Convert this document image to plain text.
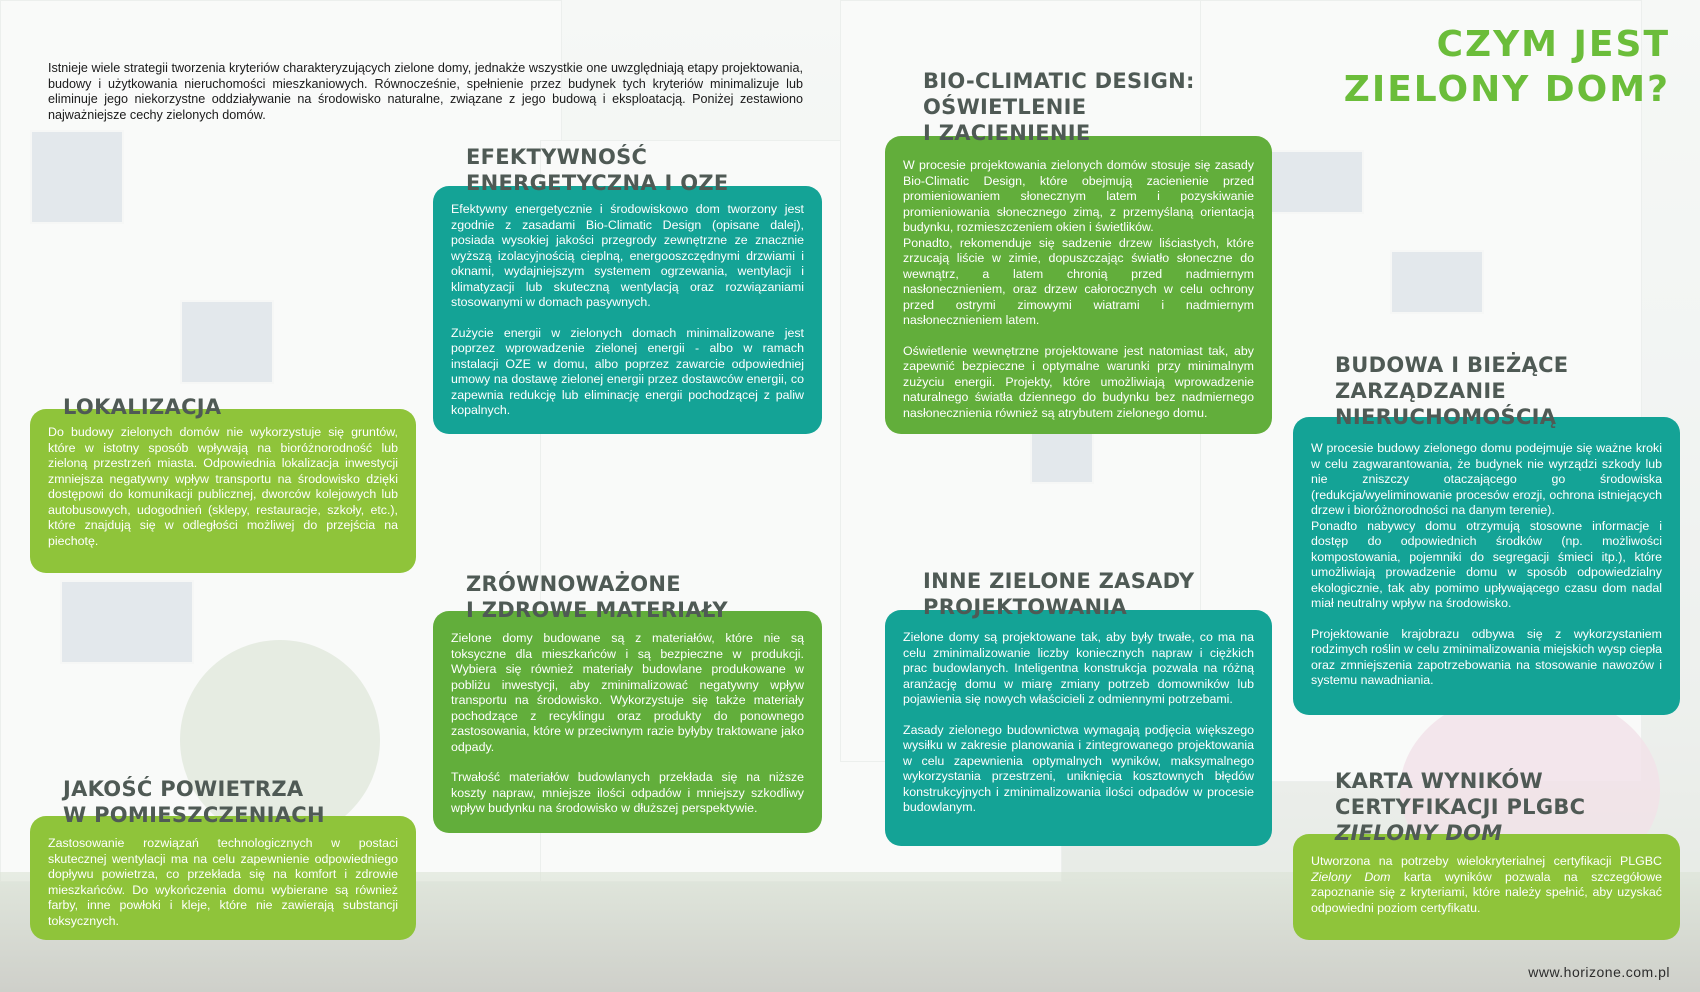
Istnieje wiele strategii tworzenia kryteriów charakteryzujących zielone domy, jednakże wszystkie one uwzględniają etapy projektowania, budowy i użytkowania nieruchomości mieszkaniowych. Równocześnie, spełnienie przez budynek tych kryteriów minimalizuje lub eliminuje jego niekorzystne oddziaływanie na środowisko naturalne, związane z jego budową i eksploatacją. Poniżej zestawiono najważniejsze cechy zielonych domów.

CZYM JEST
ZIELONY DOM?
EFEKTYWNOŚĆ
ENERGETYCZNA I OZE

Efektywny energetycznie i środowiskowo dom tworzony jest zgodnie z zasadami Bio-Climatic Design (opisane dalej), posiada wysokiej jakości przegrody zewnętrzne ze znacznie wyższą izolacyjnością cieplną, energooszczędnymi drzwiami i oknami, wydajniejszym systemem ogrzewania, wentylacji i klimatyzacji lub skuteczną wentylacją oraz rozwiązaniami stosowanymi w domach pasywnych.

Zużycie energii w zielonych domach minimalizowane jest poprzez wprowadzenie zielonej energii - albo w ramach instalacji OZE w domu, albo poprzez zawarcie odpowiedniej umowy na dostawę zielonej energii przez dostawców energii, co zapewnia redukcję lub eliminację energii pochodzącej z paliw kopalnych.

BIO-CLIMATIC DESIGN:
OŚWIETLENIE
I ZACIENIENIE

W procesie projektowania zielonych domów stosuje się zasady Bio-Climatic Design, które obejmują zacienienie przed promieniowaniem słonecznym latem i pozyskiwanie promieniowania słonecznego zimą, z przemyślaną orientacją budynku, rozmieszczeniem okien i świetlików.

Ponadto, rekomenduje się sadzenie drzew liściastych, które zrzucają liście w zimie, dopuszczając światło słoneczne do wewnątrz, a latem chronią przed nadmiernym nasłonecznieniem, oraz drzew całorocznych w celu ochrony przed ostrymi zimowymi wiatrami i nadmiernym nasłonecznieniem latem.

Oświetlenie wewnętrzne projektowane jest natomiast tak, aby zapewnić bezpieczne i optymalne warunki przy minimalnym zużyciu energii. Projekty, które umożliwiają wprowadzenie naturalnego światła dziennego do budynku bez nadmiernego nasłonecznienia również są atrybutem zielonego domu.

LOKALIZACJA

Do budowy zielonych domów nie wykorzystuje się gruntów, które w istotny sposób wpływają na bioróżnorodność lub zieloną przestrzeń miasta. Odpowiednia lokalizacja inwestycji zmniejsza negatywny wpływ transportu na środowisko dzięki dostępowi do komunikacji publicznej, dworców kolejowych lub autobusowych, udogodnień (sklepy, restauracje, szkoły, etc.), które znajdują się w odległości możliwej do przejścia na piechotę.

BUDOWA I BIEŻĄCE
ZARZĄDZANIE
NIERUCHOMOŚCIĄ

W procesie budowy zielonego domu podejmuje się ważne kroki w celu zagwarantowania, że budynek nie wyrządzi szkody lub nie zniszczy otaczającego go środowiska (redukcja/wyeliminowanie procesów erozji, ochrona istniejących drzew i bioróżnorodności na danym terenie).

Ponadto nabywcy domu otrzymują stosowne informacje i dostęp do odpowiednich środków (np. możliwości kompostowania, pojemniki do segregacji śmieci itp.), które umożliwiają prowadzenie domu w sposób odpowiedzialny ekologicznie, tak aby pomimo upływającego czasu dom nadal miał neutralny wpływ na środowisko.

Projektowanie krajobrazu odbywa się z wykorzystaniem rodzimych roślin w celu zminimalizowania miejskich wysp ciepła oraz zmniejszenia zapotrzebowania na stosowanie nawozów i systemu nawadniania.

ZRÓWNOWAŻONE
I ZDROWE MATERIAŁY

Zielone domy budowane są z materiałów, które nie są toksyczne dla mieszkańców i są bezpieczne w produkcji. Wybiera się również materiały budowlane produkowane w pobliżu inwestycji, aby zminimalizować negatywny wpływ transportu na środowisko. Wykorzystuje się także materiały pochodzące z recyklingu oraz produkty do ponownego zastosowania, które w przeciwnym razie byłyby traktowane jako odpady.

Trwałość materiałów budowlanych przekłada się na niższe koszty napraw, mniejsze ilości odpadów i mniejszy szkodliwy wpływ budynku na środowisko w dłuższej perspektywie.

INNE ZIELONE ZASADY
PROJEKTOWANIA

Zielone domy są projektowane tak, aby były trwałe, co ma na celu zminimalizowanie liczby koniecznych napraw i ciężkich prac budowlanych. Inteligentna konstrukcja pozwala na różną aranżację domu w miarę zmiany potrzeb domowników lub pojawienia się nowych właścicieli z odmiennymi potrzebami.

Zasady zielonego budownictwa wymagają podjęcia większego wysiłku w zakresie planowania i zintegrowanego projektowania w celu zapewnienia optymalnych wyników, maksymalnego wykorzystania przestrzeni, uniknięcia kosztownych błędów konstrukcyjnych i zminimalizowania ilości odpadów w procesie budowlanym.

JAKOŚĆ POWIETRZA
W POMIESZCZENIACH

Zastosowanie rozwiązań technologicznych w postaci skutecznej wentylacji ma na celu zapewnienie odpowiedniego dopływu powietrza, co przekłada się na komfort i zdrowie mieszkańców. Do wykończenia domu wybierane są również farby, inne powłoki i kleje, które nie zawierają substancji toksycznych.

KARTA WYNIKÓW
CERTYFIKACJI PLGBC
ZIELONY DOM

Utworzona na potrzeby wielokryterialnej certyfikacji PLGBC Zielony Dom karta wyników pozwala na szczegółowe zapoznanie się z kryteriami, które należy spełnić, aby uzyskać odpowiedni poziom certyfikatu.

www.horizone.com.pl
